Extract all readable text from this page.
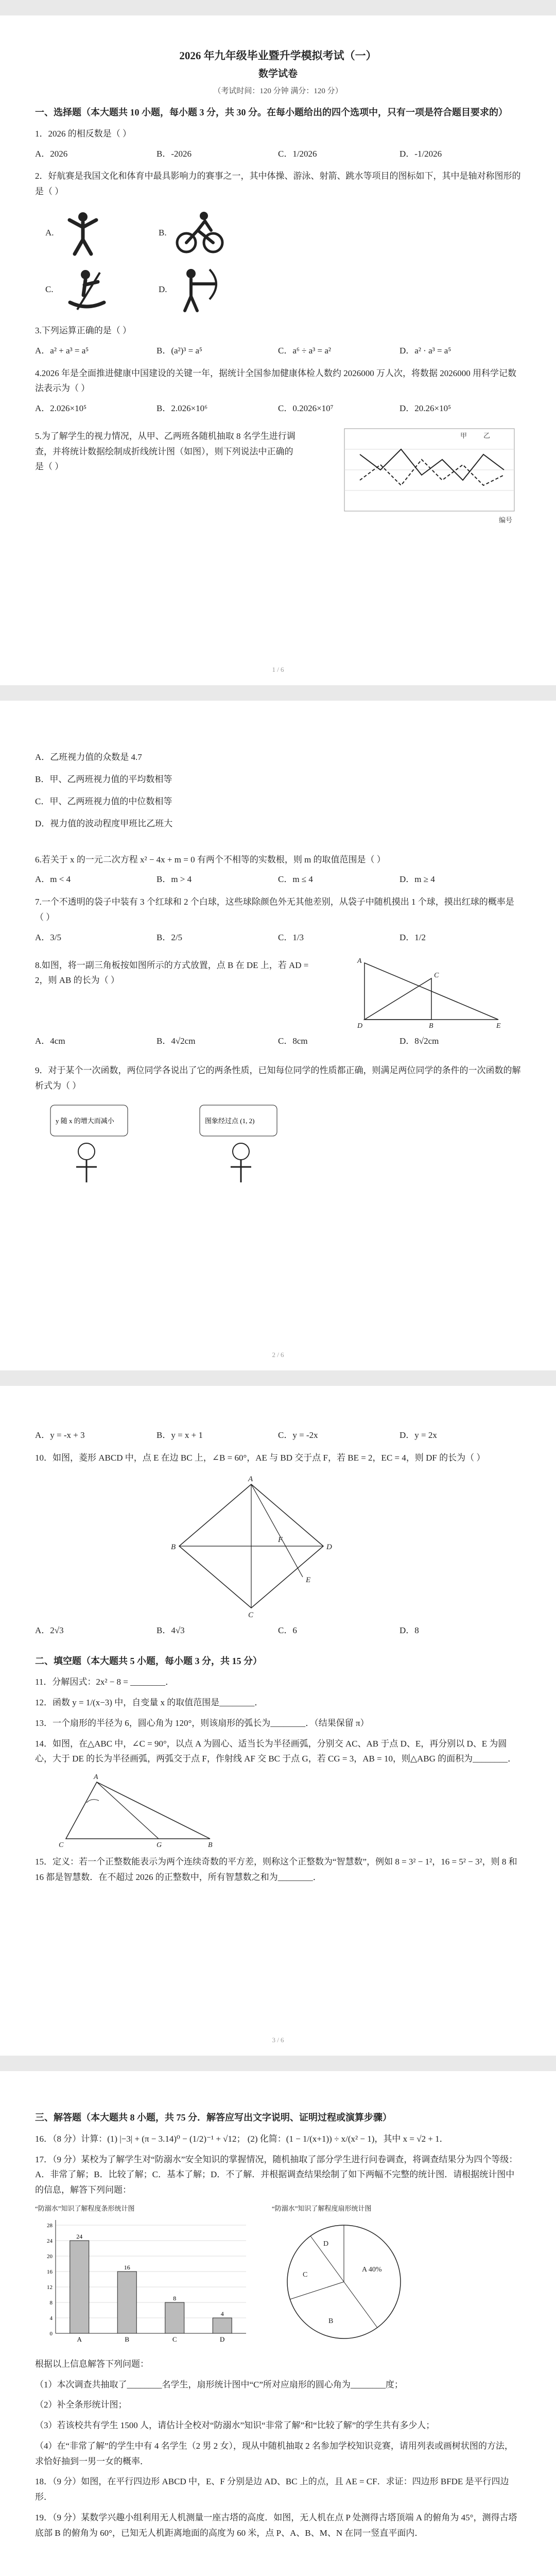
2026 年九年级毕业暨升学模拟考试（一）
数学试卷
（考试时间：120 分钟 满分：120 分）
一、选择题（本大题共 10 小题，每小题 3 分，共 30 分。在每小题给出的四个选项中，只有一项是符合题目要求的）
1．2026 的相反数是（ ）
A．2026	B．-2026	C．1/2026	D．-1/2026
2．好航赛是我国文化和体育中最具影响力的赛事之一，其中体操、游泳、射箭、跳水等项目的图标如下，其中是轴对称图形的是（ ）
A.	B.
C.	D.
3.下列运算正确的是（ ）
A．a² + a³ = a⁵	B．(a²)³ = a⁵	C．a⁶ ÷ a³ = a²	D．a² · a³ = a⁵
4.2026 年是全面推进健康中国建设的关键一年，据统计全国参加健康体检人数约 2026000 万人次，将数据 2026000 用科学记数法表示为（ ）
A．2.026×10⁵	B．2.026×10⁶	C．0.2026×10⁷	D．20.26×10⁵
5.为了解学生的视力情况，从甲、乙两班各随机抽取 8 名学生进行调查，并将统计数据绘制成折线统计图（如图），则下列说法中正确的是（ ）
甲 乙
编号
1 / 6
A．乙班视力值的众数是 4.7
B．甲、乙两班视力值的平均数相等
C．甲、乙两班视力值的中位数相等
D．视力值的波动程度甲班比乙班大
6.若关于 x 的一元二次方程 x² − 4x + m = 0 有两个不相等的实数根，则 m 的取值范围是（ ）
A．m < 4	B．m > 4	C．m ≤ 4	D．m ≥ 4
7.一个不透明的袋子中装有 3 个红球和 2 个白球，这些球除颜色外无其他差别，从袋子中随机摸出 1 个球，摸出红球的概率是（ ）
A．3/5	B．2/5	C．1/3	D．1/2
8.如图，将一副三角板按如图所示的方式放置，点 B 在 DE 上，若 AD = 2，则 AB 的长为（ ）
A
D	B	E
C
A．4cm	B．4√2cm	C．8cm	D．8√2cm
9．对于某个一次函数，两位同学各说出了它的两条性质，已知每位同学的性质都正确，则满足两位同学的条件的一次函数的解析式为（ ）
y 随 x 的增大而减小	图象经过点 (1, 2)
2 / 6
A．y = -x + 3	B．y = x + 1	C．y = -2x	D．y = 2x
10．如图，菱形 ABCD 中，点 E 在边 BC 上，∠B = 60°，AE 与 BD 交于点 F，若 BE = 2，EC = 4，则 DF 的长为（ ）
A
B
C
D
E
F
A．2√3	B．4√3	C．6	D．8
二、填空题（本大题共 5 小题，每小题 3 分，共 15 分）
11．分解因式：2x² − 8 = ________．
12．函数 y = 1/(x−3) 中，自变量 x 的取值范围是________．
13．一个扇形的半径为 6，圆心角为 120°，则该扇形的弧长为________．（结果保留 π）
14．如图，在△ABC 中，∠C = 90°，以点 A 为圆心、适当长为半径画弧，分别交 AC、AB 于点 D、E，再分别以 D、E 为圆心，大于 DE 的长为半径画弧，两弧交于点 F，作射线 AF 交 BC 于点 G，若 CG = 3，AB = 10，则△ABG 的面积为________．
A
C	B
G
15．定义：若一个正整数能表示为两个连续奇数的平方差，则称这个正整数为“智慧数”，例如 8 = 3² − 1²，16 = 5² − 3²，则 8 和 16 都是智慧数．在不超过 2026 的正整数中，所有智慧数之和为________．
3 / 6
三、解答题（本大题共 8 小题，共 75 分．解答应写出文字说明、证明过程或演算步骤）
16．（8 分）计算：(1) |−3| + (π − 3.14)⁰ − (1/2)⁻¹ + √12； (2) 化简：(1 − 1/(x+1)) ÷ x/(x² − 1)，其中 x = √2 + 1．
17．（9 分）某校为了解学生对“防溺水”安全知识的掌握情况，随机抽取了部分学生进行问卷调查，将调查结果分为四个等级：A．非常了解；B．比较了解；C．基本了解；D．不了解．并根据调查结果绘制了如下两幅不完整的统计图．请根据统计图中的信息，解答下列问题：
“防溺水”知识了解程度条形统计图
0
4
8
12
16
20
24
28
A
24
B
16
C
8
D
4
“防溺水”知识了解程度扇形统计图
A 40%
B
C
D
根据以上信息解答下列问题：
（1）本次调查共抽取了________名学生，扇形统计图中“C”所对应扇形的圆心角为________度；
（2）补全条形统计图；
（3）若该校共有学生 1500 人，请估计全校对“防溺水”知识“非常了解”和“比较了解”的学生共有多少人；
（4）在“非常了解”的学生中有 4 名学生（2 男 2 女），现从中随机抽取 2 名参加学校知识竞赛，请用列表或画树状图的方法，求恰好抽到一男一女的概率．
18．（9 分）如图，在平行四边形 ABCD 中，E、F 分别是边 AD、BC 上的点，且 AE = CF．求证：四边形 BFDE 是平行四边形．
19．（9 分）某数学兴趣小组利用无人机测量一座古塔的高度．如图，无人机在点 P 处测得古塔顶端 A 的俯角为 45°，测得古塔底部 B 的俯角为 60°，已知无人机距离地面的高度为 60 米，点 P、A、B、M、N 在同一竖直平面内．
